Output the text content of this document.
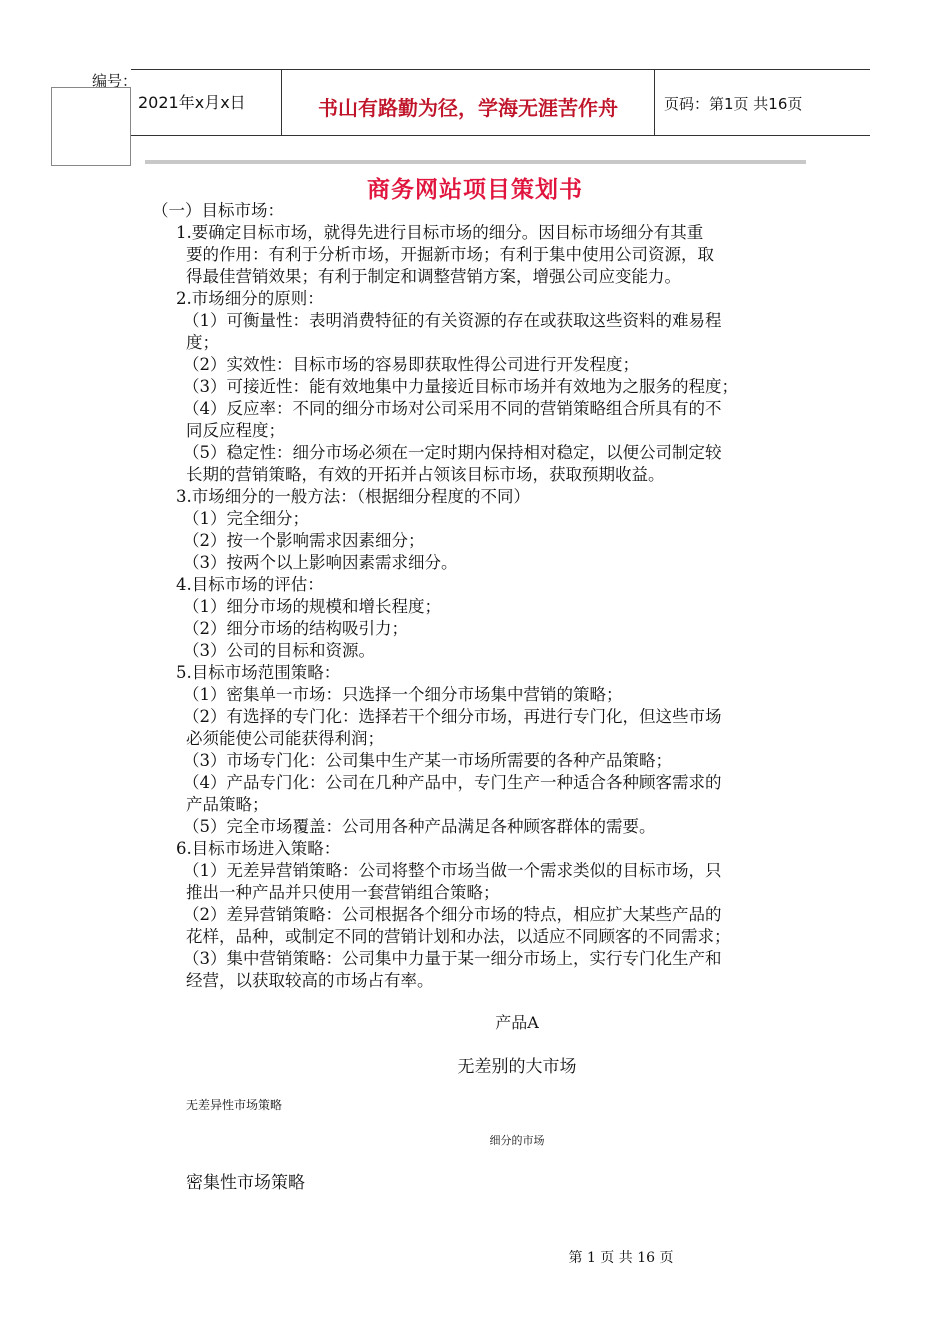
编号：
2021年x月x日	书山有路勤为径，学海无涯苦作舟	页码：第1页 共16页
商务网站项目策划书
（一）目标市场：
1.要确定目标市场，就得先进行目标市场的细分。因目标市场细分有其重
要的作用：有利于分析市场，开掘新市场；有利于集中使用公司资源，取
得最佳营销效果；有利于制定和调整营销方案，增强公司应变能力。
2.市场细分的原则：
（1）可衡量性：表明消费特征的有关资源的存在或获取这些资料的难易程
度；
（2）实效性：目标市场的容易即获取性得公司进行开发程度；
（3）可接近性：能有效地集中力量接近目标市场并有效地为之服务的程度；
（4）反应率：不同的细分市场对公司采用不同的营销策略组合所具有的不
同反应程度；
（5）稳定性：细分市场必须在一定时期内保持相对稳定，以便公司制定较
长期的营销策略，有效的开拓并占领该目标市场，获取预期收益。
3.市场细分的一般方法：（根据细分程度的不同）
（1）完全细分；
（2）按一个影响需求因素细分；
（3）按两个以上影响因素需求细分。
4.目标市场的评估：
（1）细分市场的规模和增长程度；
（2）细分市场的结构吸引力；
（3）公司的目标和资源。
5.目标市场范围策略：
（1）密集单一市场：只选择一个细分市场集中营销的策略；
（2）有选择的专门化：选择若干个细分市场，再进行专门化，但这些市场
必须能使公司能获得利润；
（3）市场专门化：公司集中生产某一市场所需要的各种产品策略；
（4）产品专门化：公司在几种产品中，专门生产一种适合各种顾客需求的
产品策略；
（5）完全市场覆盖：公司用各种产品满足各种顾客群体的需要。
6.目标市场进入策略：
（1）无差异营销策略：公司将整个市场当做一个需求类似的目标市场，只
推出一种产品并只使用一套营销组合策略；
（2）差异营销策略：公司根据各个细分市场的特点，相应扩大某些产品的
花样，品种，或制定不同的营销计划和办法，以适应不同顾客的不同需求；
（3）集中营销策略：公司集中力量于某一细分市场上，实行专门化生产和
经营，以获取较高的市场占有率。
产品A
无差别的大市场
无差异性市场策略
细分的市场
密集性市场策略
第 1 页 共 16 页
